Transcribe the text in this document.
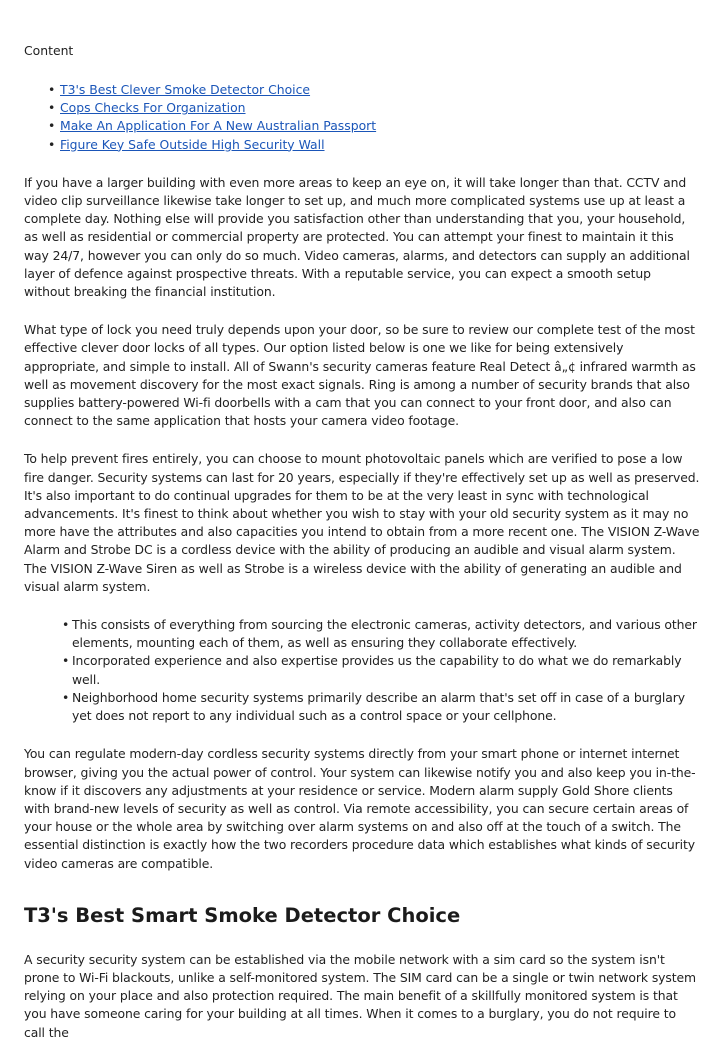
Content
• T3's Best Clever Smoke Detector Choice
• Cops Checks For Organization
• Make An Application For A New Australian Passport
• Figure Key Safe Outside High Security Wall

If you have a larger building with even more areas to keep an eye on, it will take longer than that. CCTV and video clip surveillance likewise take longer to set up, and much more complicated systems use up at least a complete day. Nothing else will provide you satisfaction other than understanding that you, your household, as well as residential or commercial property are protected. You can attempt your finest to maintain it this way 24/7, however you can only do so much. Video cameras, alarms, and detectors can supply an additional layer of defence against prospective threats. With a reputable service, you can expect a smooth setup without breaking the financial institution.

What type of lock you need truly depends upon your door, so be sure to review our complete test of the most effective clever door locks of all types. Our option listed below is one we like for being extensively appropriate, and simple to install. All of Swann's security cameras feature Real Detect â„¢ infrared warmth as well as movement discovery for the most exact signals. Ring is among a number of security brands that also supplies battery-powered Wi-fi doorbells with a cam that you can connect to your front door, and also can connect to the same application that hosts your camera video footage.

To help prevent fires entirely, you can choose to mount photovoltaic panels which are verified to pose a low fire danger. Security systems can last for 20 years, especially if they're effectively set up as well as preserved. It's also important to do continual upgrades for them to be at the very least in sync with technological advancements. It's finest to think about whether you wish to stay with your old security system as it may no more have the attributes and also capacities you intend to obtain from a more recent one. The VISION Z-Wave Alarm and Strobe DC is a cordless device with the ability of producing an audible and visual alarm system. The VISION Z-Wave Siren as well as Strobe is a wireless device with the ability of generating an audible and visual alarm system.

• This consists of everything from sourcing the electronic cameras, activity detectors, and various other elements, mounting each of them, as well as ensuring they collaborate effectively.
• Incorporated experience and also expertise provides us the capability to do what we do remarkably well.
• Neighborhood home security systems primarily describe an alarm that's set off in case of a burglary yet does not report to any individual such as a control space or your cellphone.

You can regulate modern-day cordless security systems directly from your smart phone or internet internet browser, giving you the actual power of control. Your system can likewise notify you and also keep you in-the-know if it discovers any adjustments at your residence or service. Modern alarm supply Gold Shore clients with brand-new levels of security as well as control. Via remote accessibility, you can secure certain areas of your house or the whole area by switching over alarm systems on and also off at the touch of a switch. The essential distinction is exactly how the two recorders procedure data which establishes what kinds of security video cameras are compatible.

T3's Best Smart Smoke Detector Choice

A security security system can be established via the mobile network with a sim card so the system isn't prone to Wi-Fi blackouts, unlike a self-monitored system. The SIM card can be a single or twin network system relying on your place and also protection required. The main benefit of a skillfully monitored system is that you have someone caring for your building at all times. When it comes to a burglary, you do not require to call the
